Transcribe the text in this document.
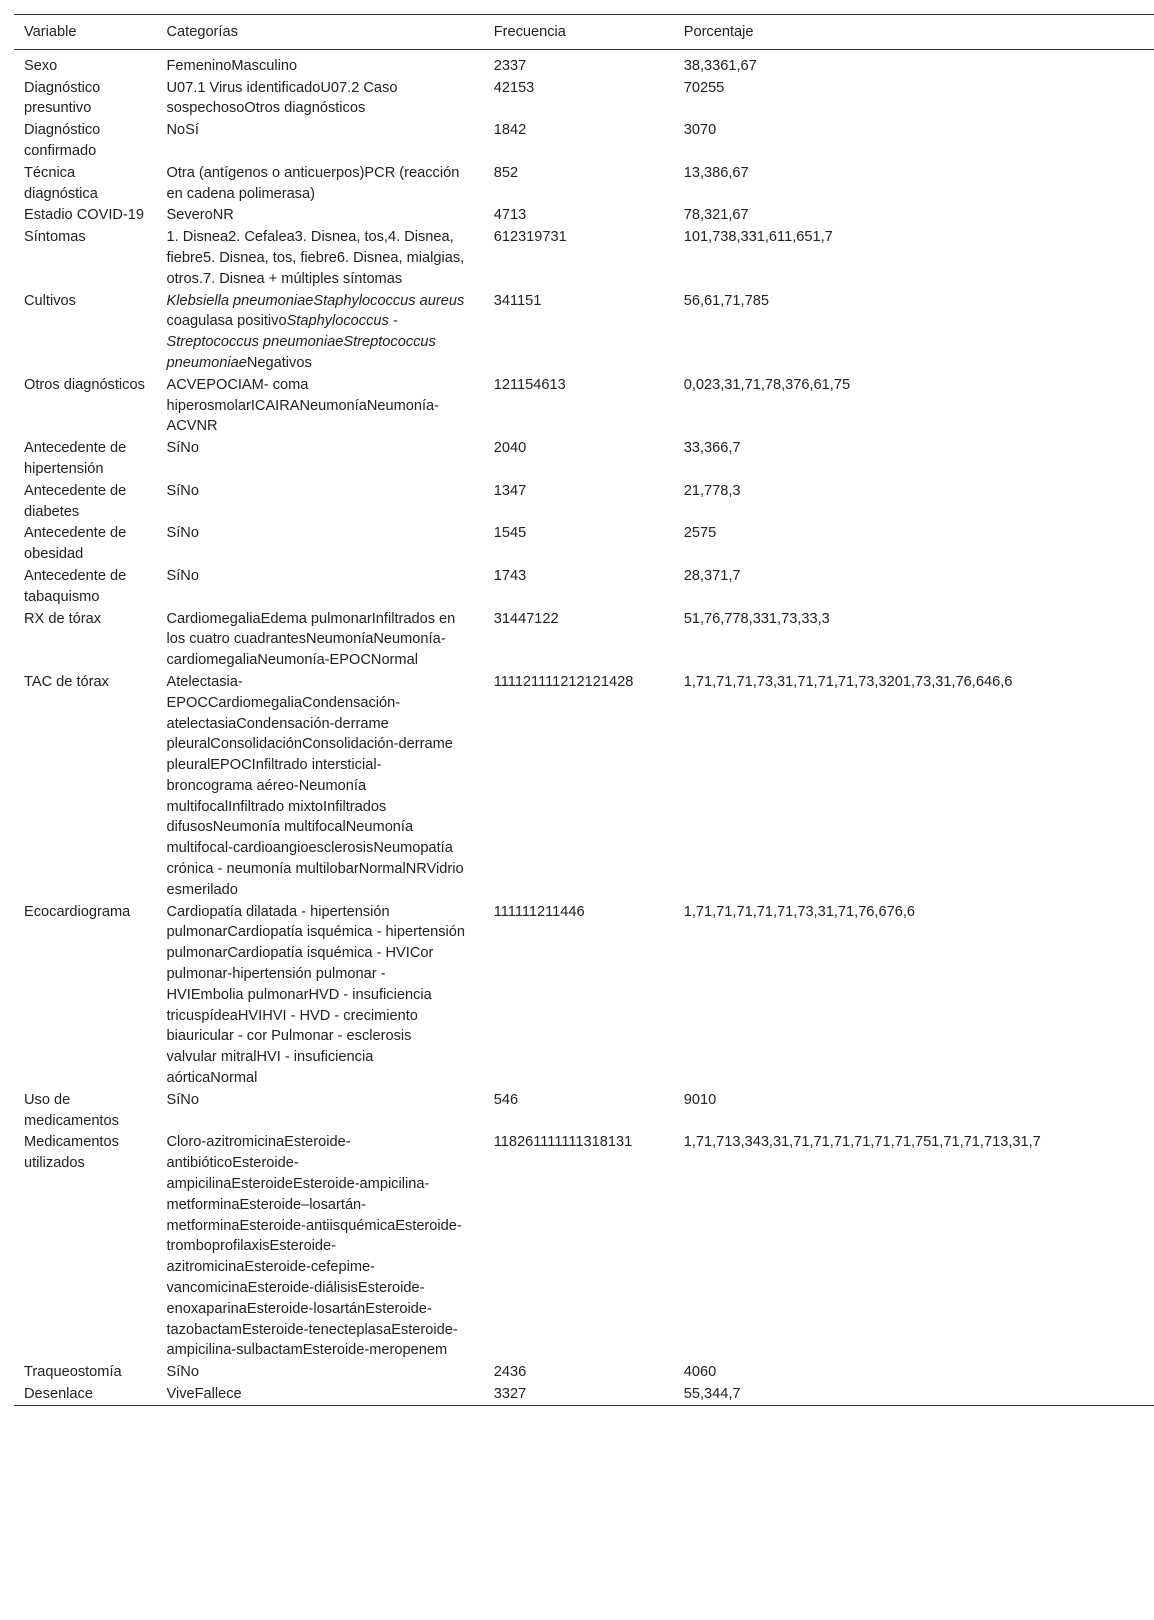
Variable	Categorías	Frecuencia	Porcentaje
Sexo	FemeninoMasculino	2337	38,3361,67
Diagnóstico presuntivo	U07.1 Virus identificadoU07.2 Caso sospechosoOtros diagnósticos	42153	70255
Diagnóstico confirmado	NoSí	1842	3070
Técnica diagnóstica	Otra (antígenos o anticuerpos)PCR (reacción en cadena polimerasa)	852	13,386,67
Estadio COVID-19	SeveroNR	4713	78,321,67
Síntomas	1. Disnea2. Cefalea3. Disnea, tos,4. Disnea, fiebre5. Disnea, tos, fiebre6. Disnea, mialgias, otros.7. Disnea + múltiples síntomas	612319731	101,738,331,611,651,7
Cultivos	Klebsiella pneumoniaeStaphylococcus aureus coagulasa positivoStaphylococcus - Streptococcus pneumoniaeStreptococcus pneumoniaeNegativos	341151	56,61,71,785
Otros diagnósticos	ACVEPOCIAM- coma hiperosmolarICAIRANeumoníaNeumonía-ACVNR	121154613	0,023,31,71,78,376,61,75
Antecedente de hipertensión	SíNo	2040	33,366,7
Antecedente de diabetes	SíNo	1347	21,778,3
Antecedente de obesidad	SíNo	1545	2575
Antecedente de tabaquismo	SíNo	1743	28,371,7
RX de tórax	CardiomegaliaEdema pulmonarInfiltrados en los cuatro cuadrantesNeumoníaNeumonía-cardiomegaliaNeumonía-EPOCNormal	31447122	51,76,778,331,73,33,3
TAC de tórax	Atelectasia-EPOCCardiomegaliaCondensación-atelectasiaCondensación-derrame pleuralConsolidaciónConsolidación-derrame pleuralEPOCInfiltrado intersticial-broncograma aéreo-Neumonía multifocalInfiltrado mixtoInfiltrados difusosNeumonía multifocalNeumonía multifocal-cardioangioesclerosisNeumopatía crónica - neumonía multilobarNormalNRVidrio esmerilado	111121111212121428	1,71,71,71,73,31,71,71,71,73,3201,73,31,76,646,6
Ecocardiograma	Cardiopatía dilatada - hipertensión pulmonarCardiopatía isquémica - hipertensión pulmonarCardiopatía isquémica - HVICor pulmonar-hipertensión pulmonar - HVIEmbolia pulmonarHVD - insuficiencia tricuspídeaHVIHVI - HVD - crecimiento biauricular - cor Pulmonar - esclerosis valvular mitralHVI - insuficiencia aórticaNormal	111111211446	1,71,71,71,71,71,73,31,71,76,676,6
Uso de medicamentos	SíNo	546	9010
Medicamentos utilizados	Cloro-azitromicinaEsteroide-antibióticoEsteroide-ampicilinaEsteroideEsteroide-ampicilina-metforminaEsteroide–losartán-metforminaEsteroide-antiisquémicaEsteroide-tromboprofilaxisEsteroide-azitromicinaEsteroide-cefepime-vancomicinaEsteroide-diálisisEsteroide-enoxaparinaEsteroide-losartánEsteroide-tazobactamEsteroide-tenecteplasaEsteroide-ampicilina-sulbactamEsteroide-meropenem	118261111111318131	1,71,713,343,31,71,71,71,71,71,71,751,71,71,713,31,7
Traqueostomía	SíNo	2436	4060
Desenlace	ViveFallece	3327	55,344,7
